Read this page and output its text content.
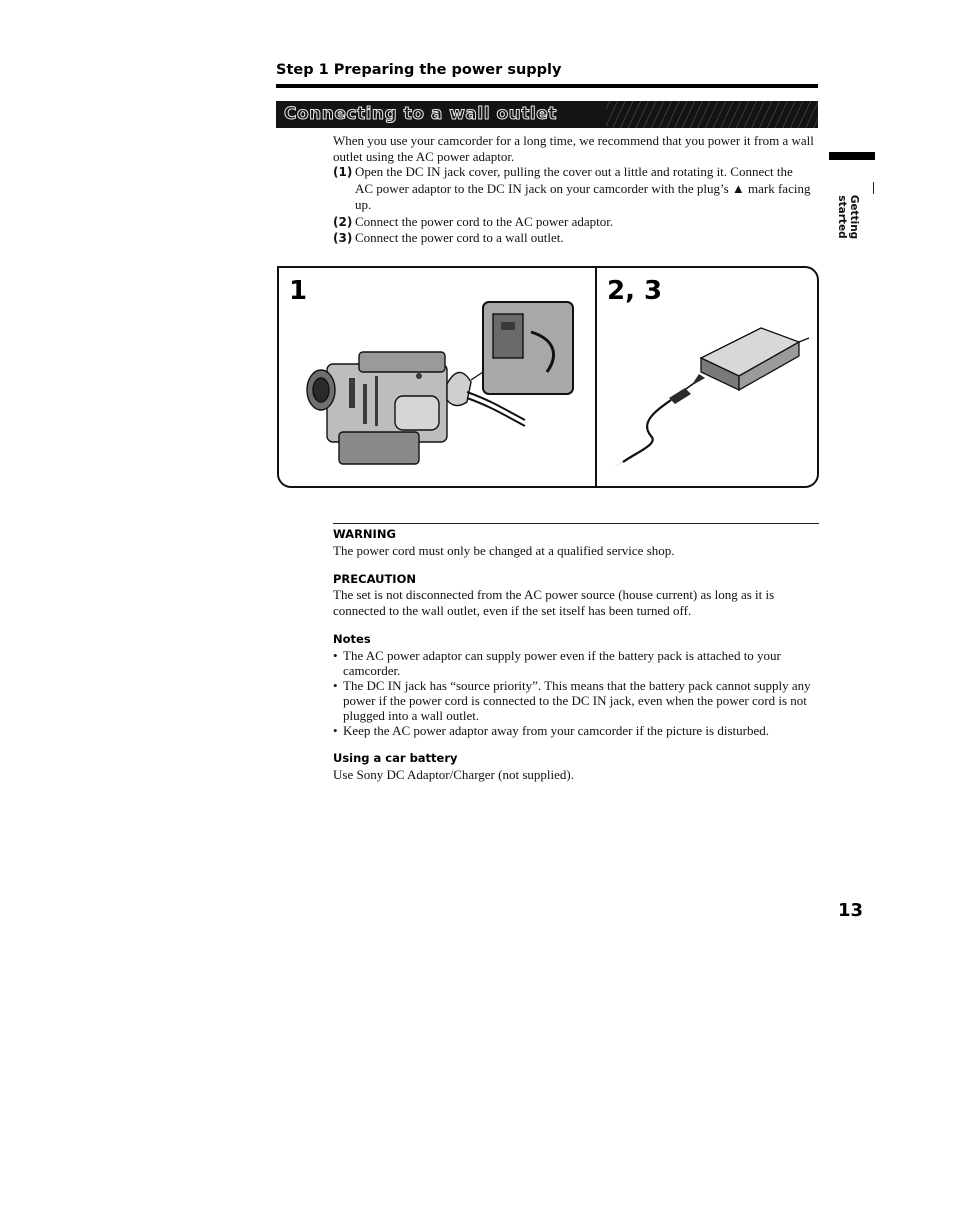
Step 1 Preparing the power supply
Connecting to a wall outlet
When you use your camcorder for a long time, we recommend that you power it from a wall outlet using the AC power adaptor.
(1) Open the DC IN jack cover, pulling the cover out a little and rotating it. Connect the AC power adaptor to the DC IN jack on your camcorder with the plug’s ▲ mark facing up.
(2) Connect the power cord to the AC power adaptor.
(3) Connect the power cord to a wall outlet.	Getting started
1	2, 3
WARNING
The power cord must only be changed at a qualified service shop.
PRECAUTION
The set is not disconnected from the AC power source (house current) as long as it is connected to the wall outlet, even if the set itself has been turned off.
Notes
• The AC power adaptor can supply power even if the battery pack is attached to your camcorder.
• The DC IN jack has “source priority”. This means that the battery pack cannot supply any power if the power cord is connected to the DC IN jack, even when the power cord is not plugged into a wall outlet.
• Keep the AC power adaptor away from your camcorder if the picture is disturbed.
Using a car battery
Use Sony DC Adaptor/Charger (not supplied).
13
